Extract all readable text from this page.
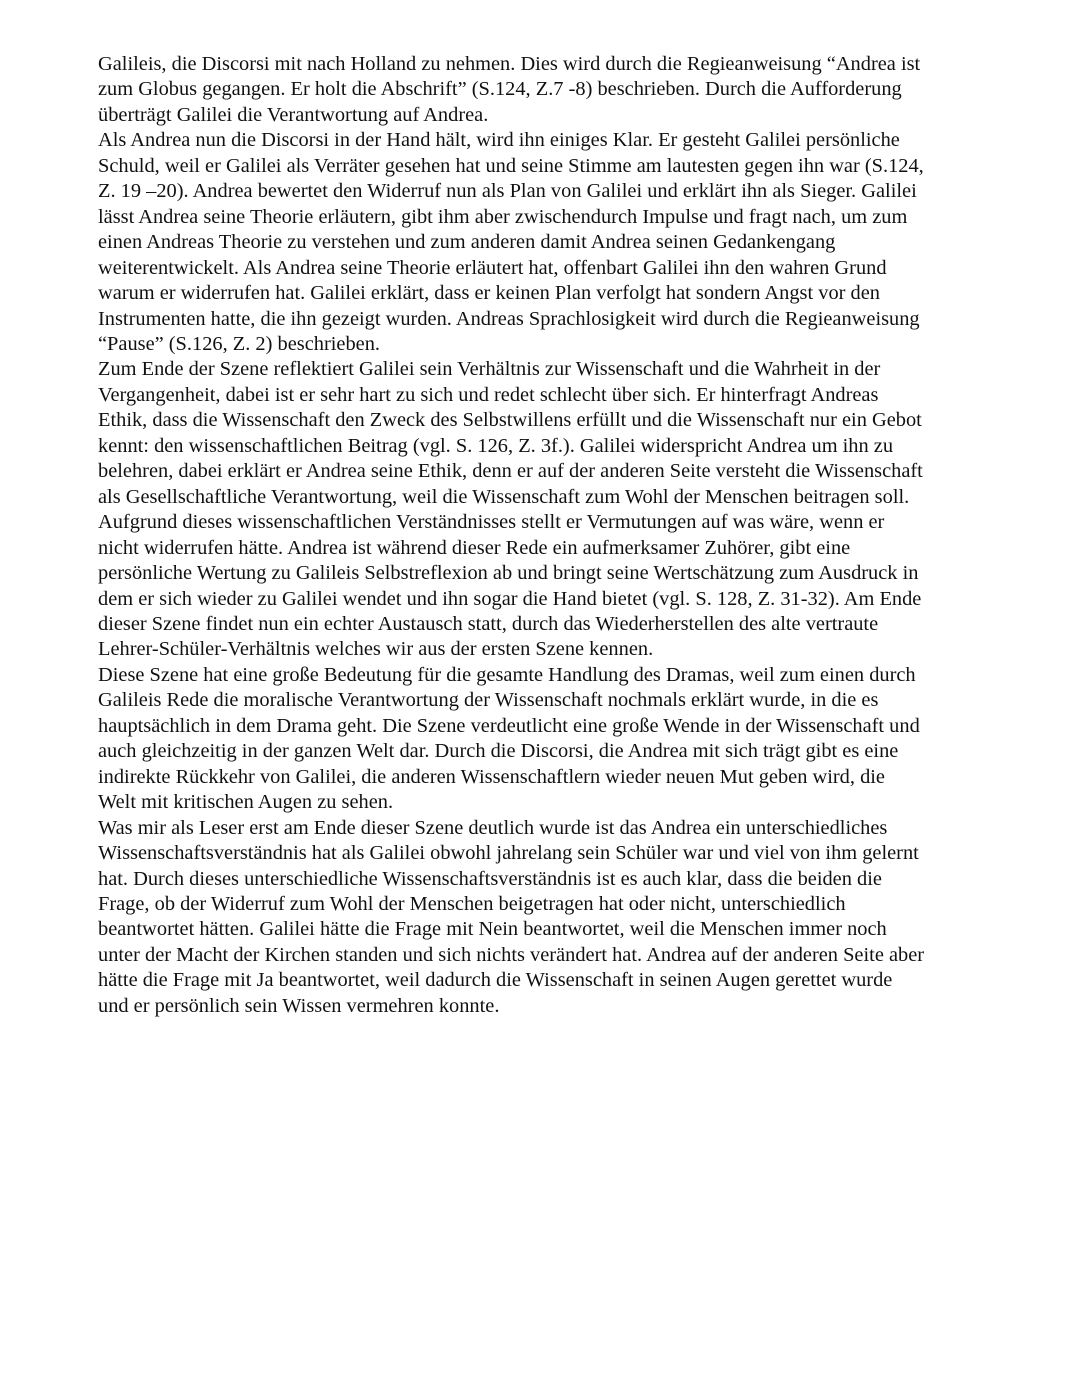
Galileis, die Discorsi mit nach Holland zu nehmen. Dies wird durch die Regieanweisung “Andrea ist
zum Globus gegangen. Er holt die Abschrift” (S.124, Z.7 -8) beschrieben. Durch die Aufforderung
überträgt Galilei die Verantwortung auf Andrea.

Als Andrea nun die Discorsi in der Hand hält, wird ihn einiges Klar. Er gesteht Galilei persönliche
Schuld, weil er Galilei als Verräter gesehen hat und seine Stimme am lautesten gegen ihn war (S.124,
Z. 19 –20). Andrea bewertet den Widerruf nun als Plan von Galilei und erklärt ihn als Sieger. Galilei
lässt Andrea seine Theorie erläutern, gibt ihm aber zwischendurch Impulse und fragt nach, um zum
einen Andreas Theorie zu verstehen und zum anderen damit Andrea seinen Gedankengang
weiterentwickelt. Als Andrea seine Theorie erläutert hat, offenbart Galilei ihn den wahren Grund
warum er widerrufen hat. Galilei erklärt, dass er keinen Plan verfolgt hat sondern Angst vor den
Instrumenten hatte, die ihn gezeigt wurden. Andreas Sprachlosigkeit wird durch die Regieanweisung
“Pause” (S.126, Z. 2) beschrieben.

Zum Ende der Szene reflektiert Galilei sein Verhältnis zur Wissenschaft und die Wahrheit in der
Vergangenheit, dabei ist er sehr hart zu sich und redet schlecht über sich. Er hinterfragt Andreas
Ethik, dass die Wissenschaft den Zweck des Selbstwillens erfüllt und die Wissenschaft nur ein Gebot
kennt: den wissenschaftlichen Beitrag (vgl. S. 126, Z. 3f.). Galilei widerspricht Andrea um ihn zu
belehren, dabei erklärt er Andrea seine Ethik, denn er auf der anderen Seite versteht die Wissenschaft
als Gesellschaftliche Verantwortung, weil die Wissenschaft zum Wohl der Menschen beitragen soll.
Aufgrund dieses wissenschaftlichen Verständnisses stellt er Vermutungen auf was wäre, wenn er
nicht widerrufen hätte. Andrea ist während dieser Rede ein aufmerksamer Zuhörer, gibt eine
persönliche Wertung zu Galileis Selbstreflexion ab und bringt seine Wertschätzung zum Ausdruck in
dem er sich wieder zu Galilei wendet und ihn sogar die Hand bietet (vgl. S. 128, Z. 31-32). Am Ende
dieser Szene findet nun ein echter Austausch statt, durch das Wiederherstellen des alte vertraute
Lehrer-Schüler-Verhältnis welches wir aus der ersten Szene kennen.

Diese Szene hat eine große Bedeutung für die gesamte Handlung des Dramas, weil zum einen durch
Galileis Rede die moralische Verantwortung der Wissenschaft nochmals erklärt wurde, in die es
hauptsächlich in dem Drama geht. Die Szene verdeutlicht eine große Wende in der Wissenschaft und
auch gleichzeitig in der ganzen Welt dar. Durch die Discorsi, die Andrea mit sich trägt gibt es eine
indirekte Rückkehr von Galilei, die anderen Wissenschaftlern wieder neuen Mut geben wird, die
Welt mit kritischen Augen zu sehen.

Was mir als Leser erst am Ende dieser Szene deutlich wurde ist das Andrea ein unterschiedliches
Wissenschaftsverständnis hat als Galilei obwohl jahrelang sein Schüler war und viel von ihm gelernt
hat. Durch dieses unterschiedliche Wissenschaftsverständnis ist es auch klar, dass die beiden die
Frage, ob der Widerruf zum Wohl der Menschen beigetragen hat oder nicht, unterschiedlich
beantwortet hätten. Galilei hätte die Frage mit Nein beantwortet, weil die Menschen immer noch
unter der Macht der Kirchen standen und sich nichts verändert hat. Andrea auf der anderen Seite aber
hätte die Frage mit Ja beantwortet, weil dadurch die Wissenschaft in seinen Augen gerettet wurde
und er persönlich sein Wissen vermehren konnte.
